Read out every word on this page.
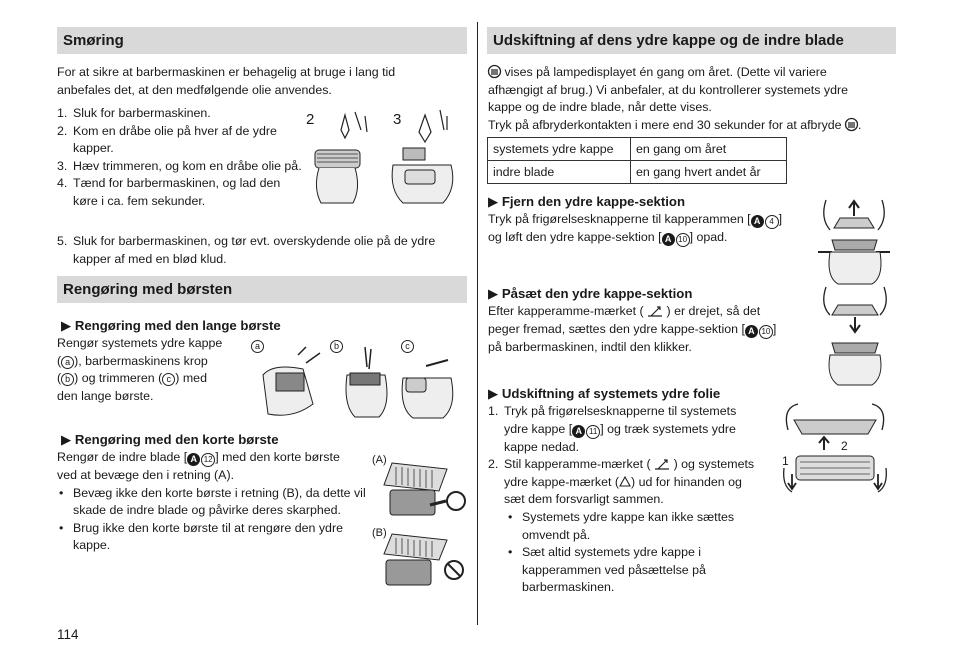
Smøring
For at sikre at barbermaskinen er behagelig at bruge i lang tid anbefales det, at den medfølgende olie anvendes.
1. Sluk for barbermaskinen.
2. Kom en dråbe olie på hver af de ydre kapper.
3. Hæv trimmeren, og kom en dråbe olie på.
4. Tænd for barbermaskinen, og lad den køre i ca. fem sekunder.
5. Sluk for barbermaskinen, og tør evt. overskydende olie på de ydre kapper af med en blød klud.
2	3
Rengøring med børsten
▶ Rengøring med den lange børste
Rengør systemets ydre kappe
( a ), barbermaskinens krop
( b ) og trimmeren ( c ) med
den lange børste.
a	b	c
▶ Rengøring med den korte børste
Rengør de indre blade [ A 12 ] med den korte børste
ved at bevæge den i retning (A).
• Bevæg ikke den korte børste i retning (B), da dette vil skade de indre blade og påvirke deres skarphed.
• Brug ikke den korte børste til at rengøre den ydre kappe.
(A)
(B)
114
Udskiftning af dens ydre kappe og de indre blade
vises på lampedisplayet én gang om året. (Dette vil variere
afhængigt af brug.) Vi anbefaler, at du kontrollerer systemets ydre
kappe og de indre blade, når dette vises.
Tryk på afbryderkontakten i mere end 30 sekunder for at afbryde .
systemets ydre kappe	en gang om året
indre blade	en gang hvert andet år
▶ Fjern den ydre kappe-sektion
Tryk på frigørelsesknapperne til kapperammen [ A 4 ]
og løft den ydre kappe-sektion [ A 10 ] opad.
▶ Påsæt den ydre kappe-sektion
Efter kapperamme-mærket ( ) er drejet, så det
peger fremad, sættes den ydre kappe-sektion [ A 10 ]
på barbermaskinen, indtil den klikker.
▶ Udskiftning af systemets ydre folie
1. Tryk på frigørelsesknapperne til systemets
ydre kappe [ A 11 ] og træk systemets ydre
kappe nedad.
2. Stil kapperamme-mærket ( ) og systemets
ydre kappe-mærket ( ) ud for hinanden og
sæt dem forsvarligt sammen.
• Systemets ydre kappe kan ikke sættes omvendt på.
• Sæt altid systemets ydre kappe i kapperammen ved påsættelse på barbermaskinen.
2
1
